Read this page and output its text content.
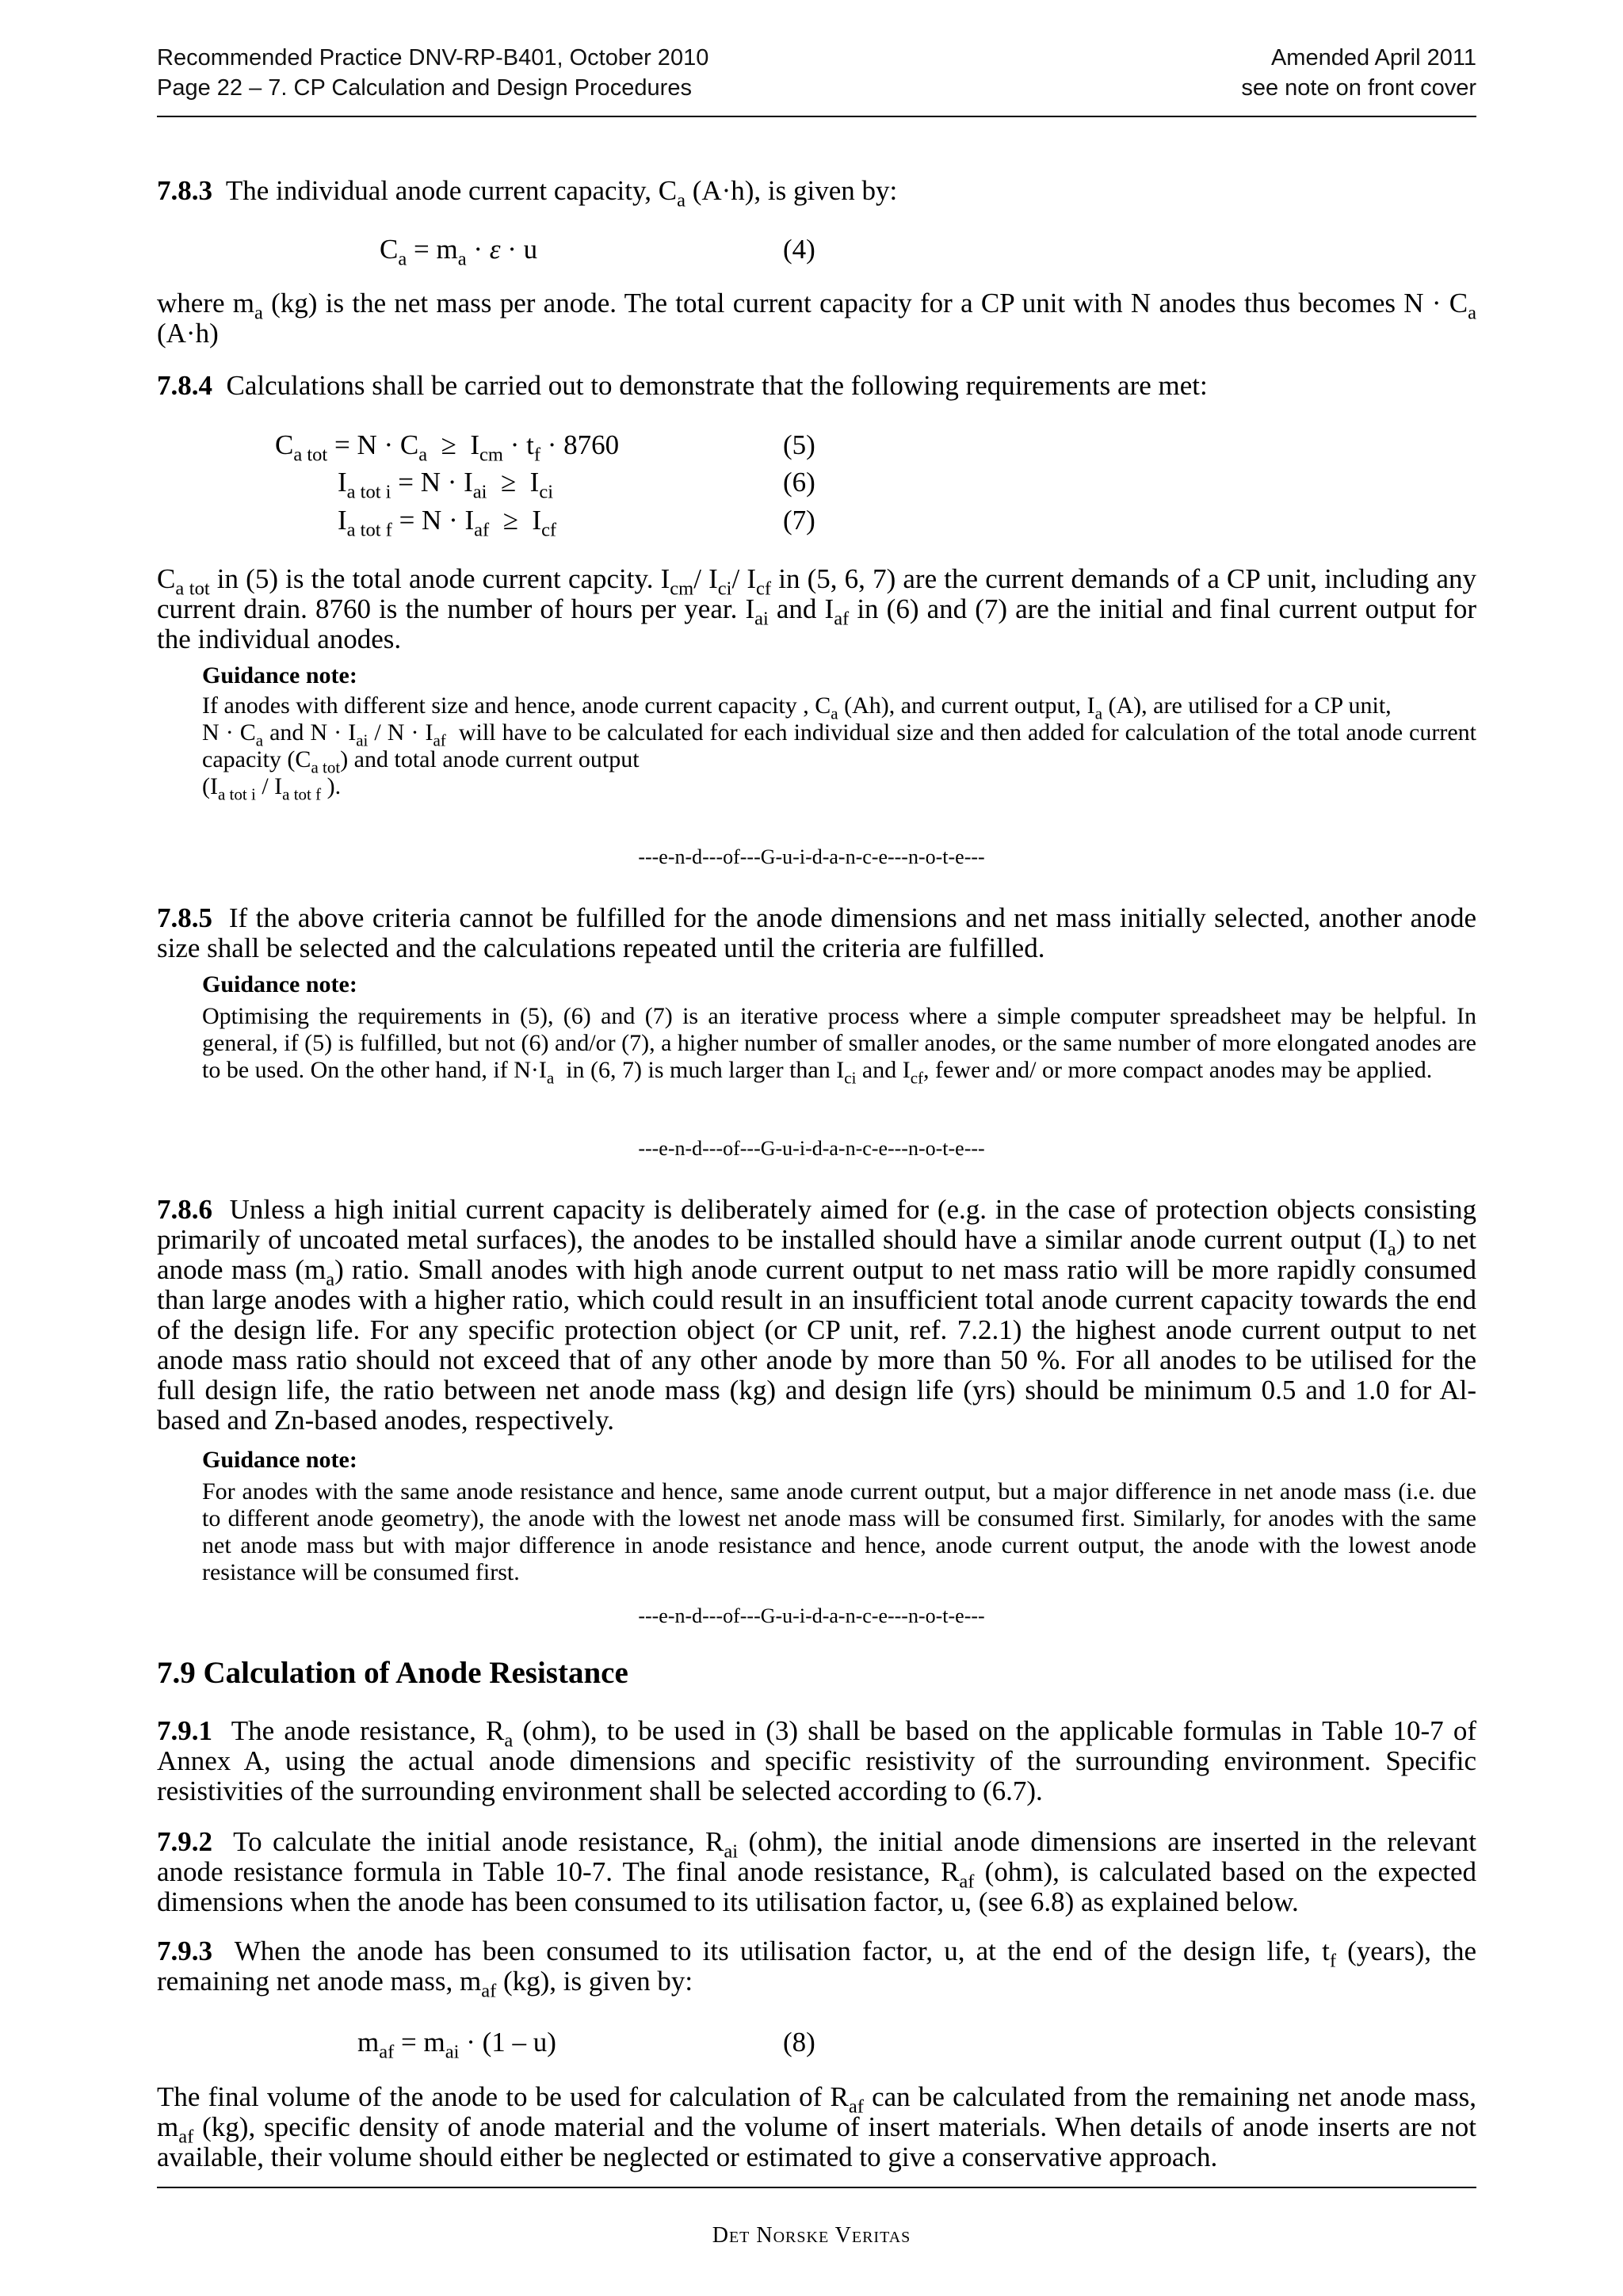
Recommended Practice DNV-RP-B401, October 2010
Page 22 – 7. CP Calculation and Design Procedures
Amended April 2011
see note on front cover
7.8.3 The individual anode current capacity, $C_a$ (A·h), is given by:
$C_a = m_a \cdot \varepsilon \cdot u$	(4)
where $m_a$ (kg) is the net mass per anode. The total current capacity for a CP unit with N anodes thus becomes $N \cdot C_a$ (A·h)
7.8.4 Calculations shall be carried out to demonstrate that the following requirements are met:
$C_{a tot} = N \cdot C_a \ge I_{cm} \cdot t_f \cdot 8760$	(5)
$I_{a tot i} = N \cdot I_{ai} \ge I_{ci}$	(6)
$I_{a tot f} = N \cdot I_{af} \ge I_{cf}$	(7)
$C_{a tot}$ in (5) is the total anode current capcity. $I_{cm}/$ $I_{ci}/$ $I_{cf}$ in (5, 6, 7) are the current demands of a CP unit, including any current drain. 8760 is the number of hours per year. $I_{ai}$ and $I_{af}$ in (6) and (7) are the initial and final current output for the individual anodes.
Guidance note:
If anodes with different size and hence, anode current capacity , $C_a$ (Ah), and current output, $I_a$ (A), are utilised for a CP unit,
$N \cdot C_a$ and $N \cdot I_{ai} / N \cdot I_{af}$  will have to be calculated for each individual size and then added for calculation of the total anode current capacity $(C_{a tot})$ and total anode current output
($I_{a tot i} / I_{a tot f}$ ).
---e-n-d---of---G-u-i-d-a-n-c-e---n-o-t-e---
7.8.5 If the above criteria cannot be fulfilled for the anode dimensions and net mass initially selected, another anode size shall be selected and the calculations repeated until the criteria are fulfilled.
Guidance note:
Optimising the requirements in (5), (6) and (7) is an iterative process where a simple computer spreadsheet may be helpful. In general, if (5) is fulfilled, but not (6) and/or (7), a higher number of smaller anodes, or the same number of more elongated anodes are to be used. On the other hand, if $N\cdot I_a$  in (6, 7) is much larger than $I_{ci}$ and $I_{cf}$, fewer and/ or more compact anodes may be applied.
---e-n-d---of---G-u-i-d-a-n-c-e---n-o-t-e---
7.8.6 Unless a high initial current capacity is deliberately aimed for (e.g. in the case of protection objects consisting primarily of uncoated metal surfaces), the anodes to be installed should have a similar anode current output $(I_a)$ to net anode mass $(m_a)$ ratio. Small anodes with high anode current output to net mass ratio will be more rapidly consumed than large anodes with a higher ratio, which could result in an insufficient total anode current capacity towards the end of the design life. For any specific protection object (or CP unit, ref. 7.2.1) the highest anode current output to net anode mass ratio should not exceed that of any other anode by more than 50 %. For all anodes to be utilised for the full design life, the ratio between net anode mass (kg) and design life (yrs) should be minimum 0.5 and 1.0 for Al-based and Zn-based anodes, respectively.
Guidance note:
For anodes with the same anode resistance and hence, same anode current output, but a major difference in net anode mass (i.e. due to different anode geometry), the anode with the lowest net anode mass will be consumed first. Similarly, for anodes with the same net anode mass but with major difference in anode resistance and hence, anode current output, the anode with the lowest anode resistance will be consumed first.
---e-n-d---of---G-u-i-d-a-n-c-e---n-o-t-e---
7.9 Calculation of Anode Resistance
7.9.1 The anode resistance, $R_a$ (ohm), to be used in (3) shall be based on the applicable formulas in Table 10-7 of Annex A, using the actual anode dimensions and specific resistivity of the surrounding environment. Specific resistivities of the surrounding environment shall be selected according to (6.7).
7.9.2 To calculate the initial anode resistance, $R_{ai}$ (ohm), the initial anode dimensions are inserted in the relevant anode resistance formula in Table 10-7. The final anode resistance, $R_{af}$ (ohm), is calculated based on the expected dimensions when the anode has been consumed to its utilisation factor, u, (see 6.8) as explained below.
7.9.3 When the anode has been consumed to its utilisation factor, u, at the end of the design life, $t_f$ (years), the remaining net anode mass, $m_{af}$ (kg), is given by:
$m_{af} = m_{ai} \cdot (1 - u)$	(8)
The final volume of the anode to be used for calculation of $R_{af}$ can be calculated from the remaining net anode mass, $m_{af}$ (kg), specific density of anode material and the volume of insert materials. When details of anode inserts are not available, their volume should either be neglected or estimated to give a conservative approach.
Det Norske Veritas
